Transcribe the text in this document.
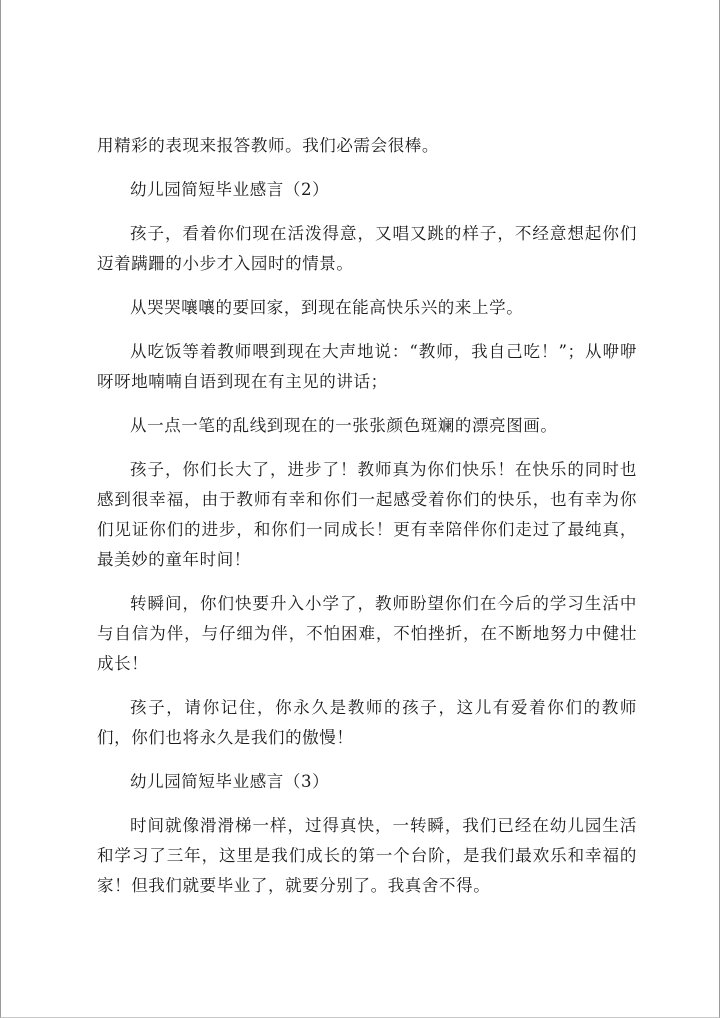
用精彩的表现来报答教师。我们必需会很棒。

幼儿园简短毕业感言（2）

孩子，看着你们现在活泼得意，又唱又跳的样子，不经意想起你们迈着蹒跚的小步才入园时的情景。

从哭哭嚷嚷的要回家，到现在能高快乐兴的来上学。

从吃饭等着教师喂到现在大声地说：“教师，我自己吃！”；从咿咿呀呀地喃喃自语到现在有主见的讲话；

从一点一笔的乱线到现在的一张张颜色斑斓的漂亮图画。

孩子，你们长大了，进步了！教师真为你们快乐！在快乐的同时也感到很幸福，由于教师有幸和你们一起感受着你们的快乐，也有幸为你们见证你们的进步，和你们一同成长！更有幸陪伴你们走过了最纯真，最美妙的童年时间！

转瞬间，你们快要升入小学了，教师盼望你们在今后的学习生活中与自信为伴，与仔细为伴，不怕困难，不怕挫折，在不断地努力中健壮成长！

孩子，请你记住，你永久是教师的孩子，这儿有爱着你们的教师们，你们也将永久是我们的傲慢！

幼儿园简短毕业感言（3）

时间就像滑滑梯一样，过得真快，一转瞬，我们已经在幼儿园生活和学习了三年，这里是我们成长的第一个台阶，是我们最欢乐和幸福的家！但我们就要毕业了，就要分别了。我真舍不得。
